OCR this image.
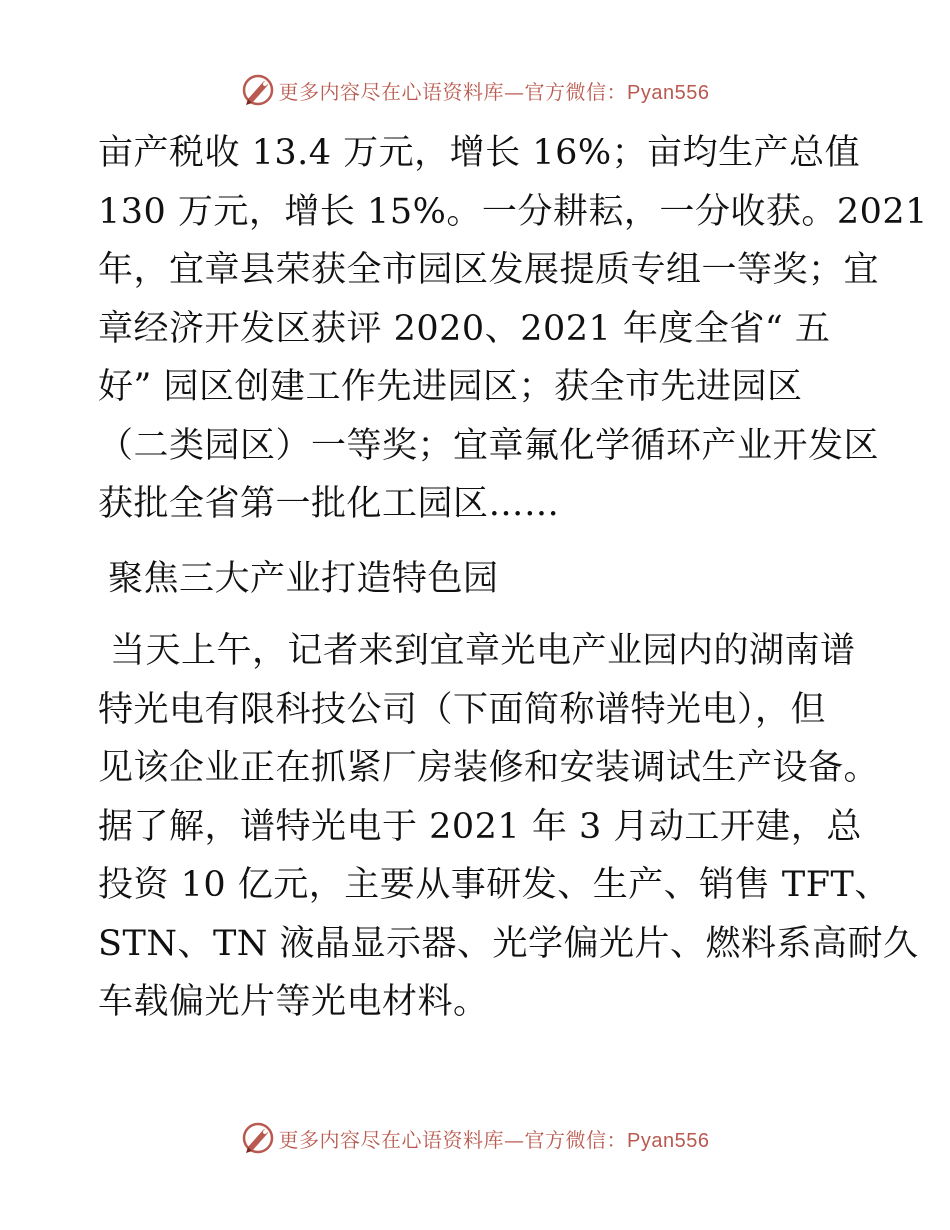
更多内容尽在心语资料库—官方微信：Pyan556

亩产税收 13.4 万元，增长 16%；亩均生产总值
130 万元，增长 15%。一分耕耘，一分收获。2021
年，宜章县荣获全市园区发展提质专组一等奖；宜
章经济开发区获评 2020、2021 年度全省“ 五
好” 园区创建工作先进园区；获全市先进园区
（二类园区）一等奖；宜章氟化学循环产业开发区
获批全省第一批化工园区……

聚焦三大产业打造特色园

当天上午，记者来到宜章光电产业园内的湖南谱
特光电有限科技公司（下面简称谱特光电），但
见该企业正在抓紧厂房装修和安装调试生产设备。
据了解，谱特光电于 2021 年 3 月动工开建，总
投资 10 亿元，主要从事研发、生产、销售 TFT、
STN、TN 液晶显示器、光学偏光片、燃料系高耐久
车载偏光片等光电材料。

更多内容尽在心语资料库—官方微信：Pyan556
